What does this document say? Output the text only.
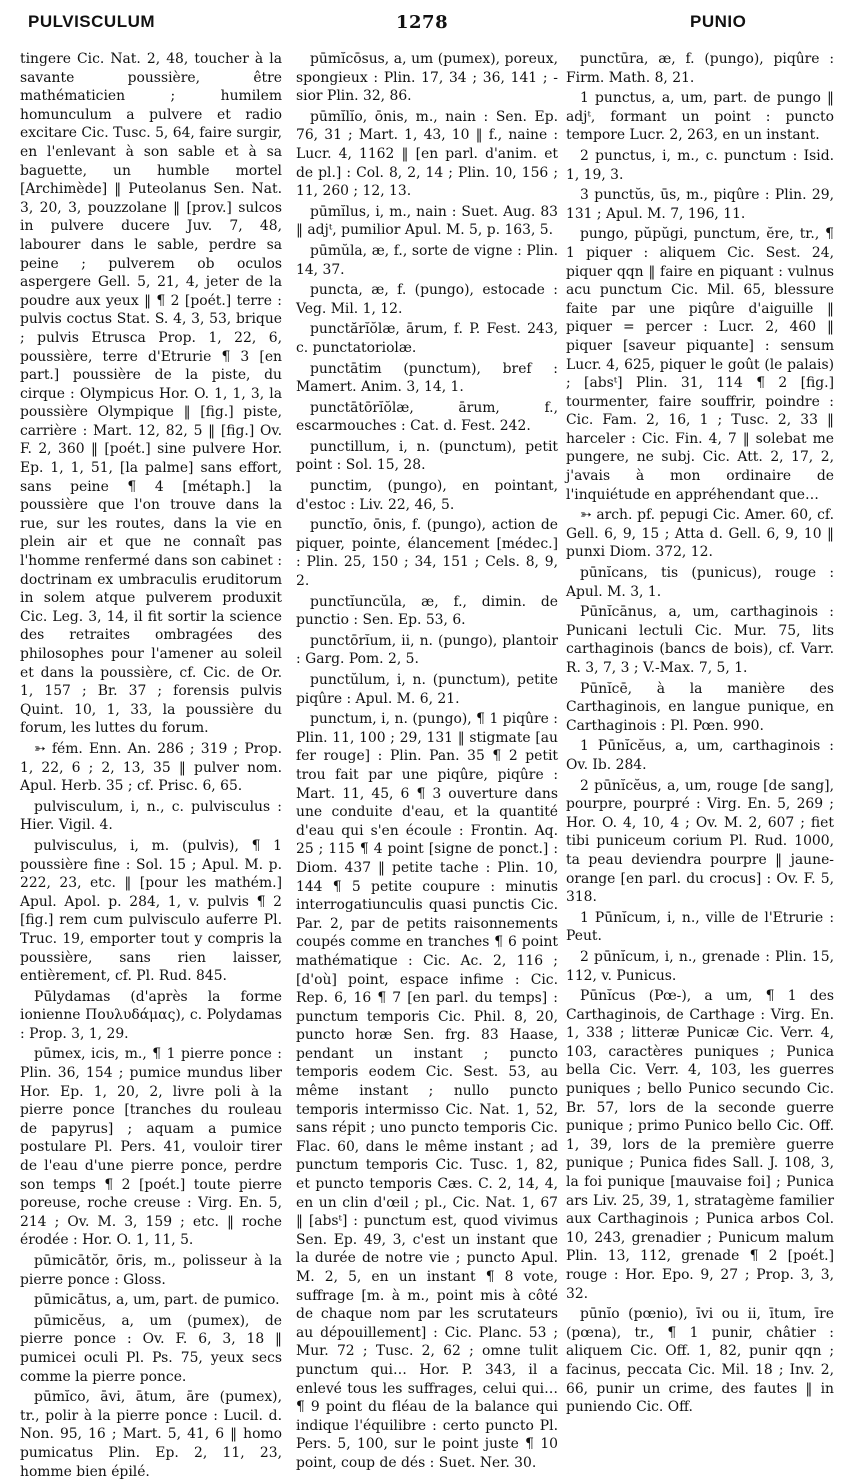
PULVISCULUM	1278	PUNIO

tingere Cic. Nat. 2, 48, toucher à la savante poussière, être mathématicien ; humilem homunculum a pulvere et radio excitare Cic. Tusc. 5, 64, faire surgir, en l'enlevant à son sable et à sa baguette, un humble mortel [Archimède] ‖ Puteolanus Sen. Nat. 3, 20, 3, pouzzolane ‖ [prov.] sulcos in pulvere ducere Juv. 7, 48, labourer dans le sable, perdre sa peine ; pulverem ob oculos aspergere Gell. 5, 21, 4, jeter de la poudre aux yeux ‖ ¶ 2 [poét.] terre : pulvis coctus Stat. S. 4, 3, 53, brique ; pulvis Etrusca Prop. 1, 22, 6, poussière, terre d'Etrurie ¶ 3 [en part.] poussière de la piste, du cirque : Olympicus Hor. O. 1, 1, 3, la poussière Olympique ‖ [fig.] piste, carrière : Mart. 12, 82, 5 ‖ [fig.] Ov. F. 2, 360 ‖ [poét.] sine pulvere Hor. Ep. 1, 1, 51, [la palme] sans effort, sans peine ¶ 4 [métaph.] la poussière que l'on trouve dans la rue, sur les routes, dans la vie en plein air et que ne connaît pas l'homme renfermé dans son cabinet : doctrinam ex umbraculis eruditorum in solem atque pulverem produxit Cic. Leg. 3, 14, il fit sortir la science des retraites ombragées des philosophes pour l'amener au soleil et dans la poussière, cf. Cic. de Or. 1, 157 ; Br. 37 ; forensis pulvis Quint. 10, 1, 33, la poussière du forum, les luttes du forum.

➳ fém. Enn. An. 286 ; 319 ; Prop. 1, 22, 6 ; 2, 13, 35 ‖ pulver nom. Apul. Herb. 35 ; cf. Prisc. 6, 65.

pulvisculum, i, n., c. pulvisculus : Hier. Vigil. 4.

pulvisculus, i, m. (pulvis), ¶ 1 poussière fine : Sol. 15 ; Apul. M. p. 222, 23, etc. ‖ [pour les mathém.] Apul. Apol. p. 284, 1, v. pulvis ¶ 2 [fig.] rem cum pulvisculo auferre Pl. Truc. 19, emporter tout y compris la poussière, sans rien laisser, entièrement, cf. Pl. Rud. 845.

Pūlydamas (d'après la forme ionienne Πουλυδάμας), c. Polydamas : Prop. 3, 1, 29.

pūmex, icis, m., ¶ 1 pierre ponce : Plin. 36, 154 ; pumice mundus liber Hor. Ep. 1, 20, 2, livre poli à la pierre ponce [tranches du rouleau de papyrus] ; aquam a pumice postulare Pl. Pers. 41, vouloir tirer de l'eau d'une pierre ponce, perdre son temps ¶ 2 [poét.] toute pierre poreuse, roche creuse : Virg. En. 5, 214 ; Ov. M. 3, 159 ; etc. ‖ roche érodée : Hor. O. 1, 11, 5.

pūmicātŏr, ōris, m., polisseur à la pierre ponce : Gloss.

pūmicātus, a, um, part. de pumico.

pūmicĕus, a, um (pumex), de pierre ponce : Ov. F. 6, 3, 18 ‖ pumicei oculi Pl. Ps. 75, yeux secs comme la pierre ponce.

pūmĭco, āvi, ātum, āre (pumex), tr., polir à la pierre ponce : Lucil. d. Non. 95, 16 ; Mart. 5, 41, 6 ‖ homo pumicatus Plin. Ep. 2, 11, 23, homme bien épilé.

pūmĭcōsus, a, um (pumex), poreux, spongieux : Plin. 17, 34 ; 36, 141 ; -sior Plin. 32, 86.

pūmĭlĭo, ōnis, m., nain : Sen. Ep. 76, 31 ; Mart. 1, 43, 10 ‖ f., naine : Lucr. 4, 1162 ‖ [en parl. d'anim. et de pl.] : Col. 8, 2, 14 ; Plin. 10, 156 ; 11, 260 ; 12, 13.

pūmĭlus, i, m., nain : Suet. Aug. 83 ‖ adjᵗ, pumilior Apul. M. 5, p. 163, 5.

pūmŭla, æ, f., sorte de vigne : Plin. 14, 37.

puncta, æ, f. (pungo), estocade : Veg. Mil. 1, 12.

punctărĭŏlæ, ārum, f. P. Fest. 243, c. punctatoriolæ.

punctātim (punctum), bref : Mamert. Anim. 3, 14, 1.

punctātōrĭŏlæ, ārum, f., escarmouches : Cat. d. Fest. 242.

punctillum, i, n. (punctum), petit point : Sol. 15, 28.

punctim, (pungo), en pointant, d'estoc : Liv. 22, 46, 5.

punctĭo, ōnis, f. (pungo), action de piquer, pointe, élancement [médec.] : Plin. 25, 150 ; 34, 151 ; Cels. 8, 9, 2.

punctĭuncŭla, æ, f., dimin. de punctio : Sen. Ep. 53, 6.

punctōrĭum, ii, n. (pungo), plantoir : Garg. Pom. 2, 5.

punctŭlum, i, n. (punctum), petite piqûre : Apul. M. 6, 21.

punctum, i, n. (pungo), ¶ 1 piqûre : Plin. 11, 100 ; 29, 131 ‖ stigmate [au fer rouge] : Plin. Pan. 35 ¶ 2 petit trou fait par une piqûre, piqûre : Mart. 11, 45, 6 ¶ 3 ouverture dans une conduite d'eau, et la quantité d'eau qui s'en écoule : Frontin. Aq. 25 ; 115 ¶ 4 point [signe de ponct.] : Diom. 437 ‖ petite tache : Plin. 10, 144 ¶ 5 petite coupure : minutis interrogatiunculis quasi punctis Cic. Par. 2, par de petits raisonnements coupés comme en tranches ¶ 6 point mathématique : Cic. Ac. 2, 116 ; [d'où] point, espace infime : Cic. Rep. 6, 16 ¶ 7 [en parl. du temps] : punctum temporis Cic. Phil. 8, 20, puncto horæ Sen. frg. 83 Haase, pendant un instant ; puncto temporis eodem Cic. Sest. 53, au même instant ; nullo puncto temporis intermisso Cic. Nat. 1, 52, sans répit ; uno puncto temporis Cic. Flac. 60, dans le même instant ; ad punctum temporis Cic. Tusc. 1, 82, et puncto temporis Cæs. C. 2, 14, 4, en un clin d'œil ; pl., Cic. Nat. 1, 67 ‖ [absᵗ] : punctum est, quod vivimus Sen. Ep. 49, 3, c'est un instant que la durée de notre vie ; puncto Apul. M. 2, 5, en un instant ¶ 8 vote, suffrage [m. à m., point mis à côté de chaque nom par les scrutateurs au dépouillement] : Cic. Planc. 53 ; Mur. 72 ; Tusc. 2, 62 ; omne tulit punctum qui… Hor. P. 343, il a enlevé tous les suffrages, celui qui… ¶ 9 point du fléau de la balance qui indique l'équilibre : certo puncto Pl. Pers. 5, 100, sur le point juste ¶ 10 point, coup de dés : Suet. Ner. 30.

punctūra, æ, f. (pungo), piqûre : Firm. Math. 8, 21.

1 punctus, a, um, part. de pungo ‖ adjᵗ, formant un point : puncto tempore Lucr. 2, 263, en un instant.

2 punctus, i, m., c. punctum : Isid. 1, 19, 3.

3 punctŭs, ūs, m., piqûre : Plin. 29, 131 ; Apul. M. 7, 196, 11.

pungo, pŭpŭgi, punctum, ĕre, tr., ¶ 1 piquer : aliquem Cic. Sest. 24, piquer qqn ‖ faire en piquant : vulnus acu punctum Cic. Mil. 65, blessure faite par une piqûre d'aiguille ‖ piquer = percer : Lucr. 2, 460 ‖ piquer [saveur piquante] : sensum Lucr. 4, 625, piquer le goût (le palais) ; [absᵗ] Plin. 31, 114 ¶ 2 [fig.] tourmenter, faire souffrir, poindre : Cic. Fam. 2, 16, 1 ; Tusc. 2, 33 ‖ harceler : Cic. Fin. 4, 7 ‖ solebat me pungere, ne subj. Cic. Att. 2, 17, 2, j'avais à mon ordinaire de l'inquiétude en appréhendant que…

➳ arch. pf. pepugi Cic. Amer. 60, cf. Gell. 6, 9, 15 ; Atta d. Gell. 6, 9, 10 ‖ punxi Diom. 372, 12.

pūnĭcans, tis (punicus), rouge : Apul. M. 3, 1.

Pūnĭcānus, a, um, carthaginois : Punicani lectuli Cic. Mur. 75, lits carthaginois (bancs de bois), cf. Varr. R. 3, 7, 3 ; V.-Max. 7, 5, 1.

Pūnĭcē, à la manière des Carthaginois, en langue punique, en Carthaginois : Pl. Pœn. 990.

1 Pūnĭcĕus, a, um, carthaginois : Ov. Ib. 284.

2 pūnĭcĕus, a, um, rouge [de sang], pourpre, pourpré : Virg. En. 5, 269 ; Hor. O. 4, 10, 4 ; Ov. M. 2, 607 ; fiet tibi puniceum corium Pl. Rud. 1000, ta peau deviendra pourpre ‖ jaune-orange [en parl. du crocus] : Ov. F. 5, 318.

1 Pūnĭcum, i, n., ville de l'Etrurie : Peut.

2 pūnĭcum, i, n., grenade : Plin. 15, 112, v. Punicus.

Pūnĭcus (Pœ-), a um, ¶ 1 des Carthaginois, de Carthage : Virg. En. 1, 338 ; litteræ Punicæ Cic. Verr. 4, 103, caractères puniques ; Punica bella Cic. Verr. 4, 103, les guerres puniques ; bello Punico secundo Cic. Br. 57, lors de la seconde guerre punique ; primo Punico bello Cic. Off. 1, 39, lors de la première guerre punique ; Punica fides Sall. J. 108, 3, la foi punique [mauvaise foi] ; Punica ars Liv. 25, 39, 1, stratagème familier aux Carthaginois ; Punica arbos Col. 10, 243, grenadier ; Punicum malum Plin. 13, 112, grenade ¶ 2 [poét.] rouge : Hor. Epo. 9, 27 ; Prop. 3, 3, 32.

pūnĭo (pœnio), īvi ou ii, ītum, īre (pœna), tr., ¶ 1 punir, châtier : aliquem Cic. Off. 1, 82, punir qqn ; facinus, peccata Cic. Mil. 18 ; Inv. 2, 66, punir un crime, des fautes ‖ in puniendo Cic. Off.
